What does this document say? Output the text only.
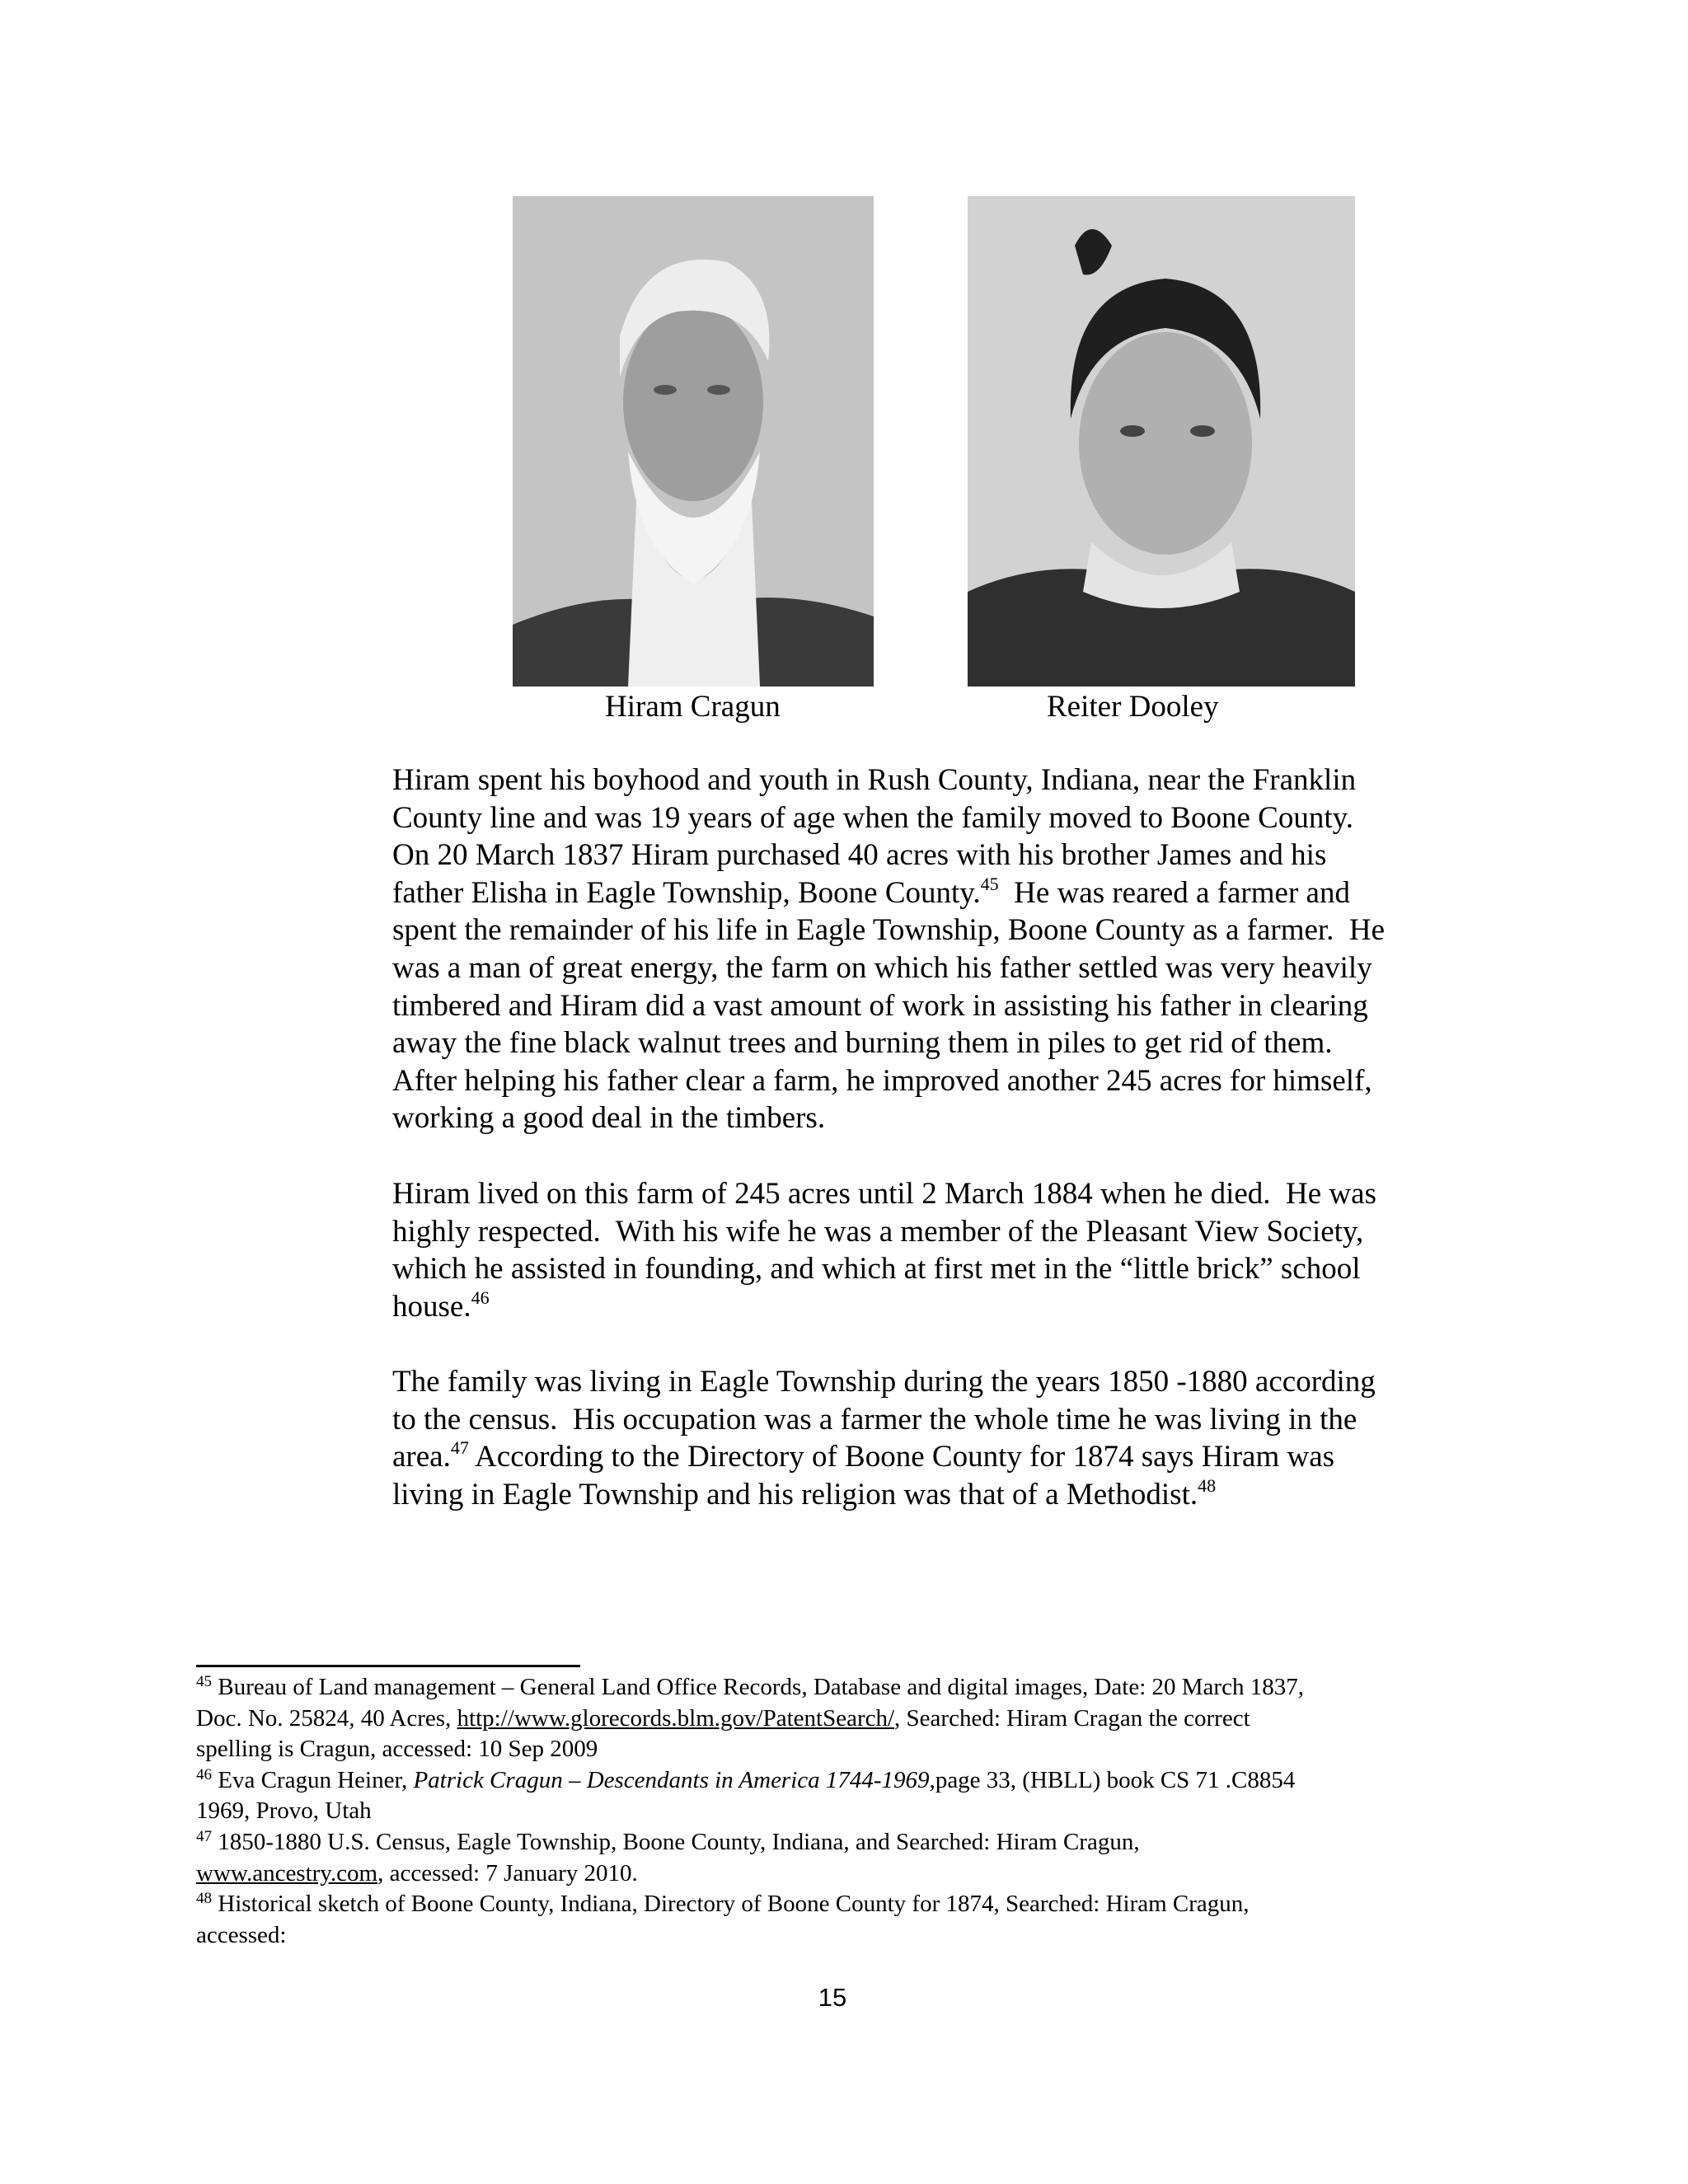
Hiram Cragun	Reiter Dooley

Hiram spent his boyhood and youth in Rush County, Indiana, near the Franklin
County line and was 19 years of age when the family moved to Boone County.
On 20 March 1837 Hiram purchased 40 acres with his brother James and his
father Elisha in Eagle Township, Boone County.$^{45}$  He was reared a farmer and
spent the remainder of his life in Eagle Township, Boone County as a farmer.  He
was a man of great energy, the farm on which his father settled was very heavily
timbered and Hiram did a vast amount of work in assisting his father in clearing
away the fine black walnut trees and burning them in piles to get rid of them.
After helping his father clear a farm, he improved another 245 acres for himself,
working a good deal in the timbers.

Hiram lived on this farm of 245 acres until 2 March 1884 when he died.  He was
highly respected.  With his wife he was a member of the Pleasant View Society,
which he assisted in founding, and which at first met in the “little brick” school
house.$^{46}$

The family was living in Eagle Township during the years 1850 -1880 according
to the census.  His occupation was a farmer the whole time he was living in the
area.$^{47}$ According to the Directory of Boone County for 1874 says Hiram was
living in Eagle Township and his religion was that of a Methodist.$^{48}$

$^{45}$ Bureau of Land management – General Land Office Records, Database and digital images, Date: 20 March 1837,
Doc. No. 25824, 40 Acres, http://www.glorecords.blm.gov/PatentSearch/, Searched: Hiram Cragan the correct
spelling is Cragun, accessed: 10 Sep 2009
$^{46}$ Eva Cragun Heiner, Patrick Cragun – Descendants in America 1744-1969,page 33, (HBLL) book CS 71 .C8854
1969, Provo, Utah
$^{47}$ 1850-1880 U.S. Census, Eagle Township, Boone County, Indiana, and Searched: Hiram Cragun,
www.ancestry.com, accessed: 7 January 2010.
$^{48}$ Historical sketch of Boone County, Indiana, Directory of Boone County for 1874, Searched: Hiram Cragun,
accessed:
15
